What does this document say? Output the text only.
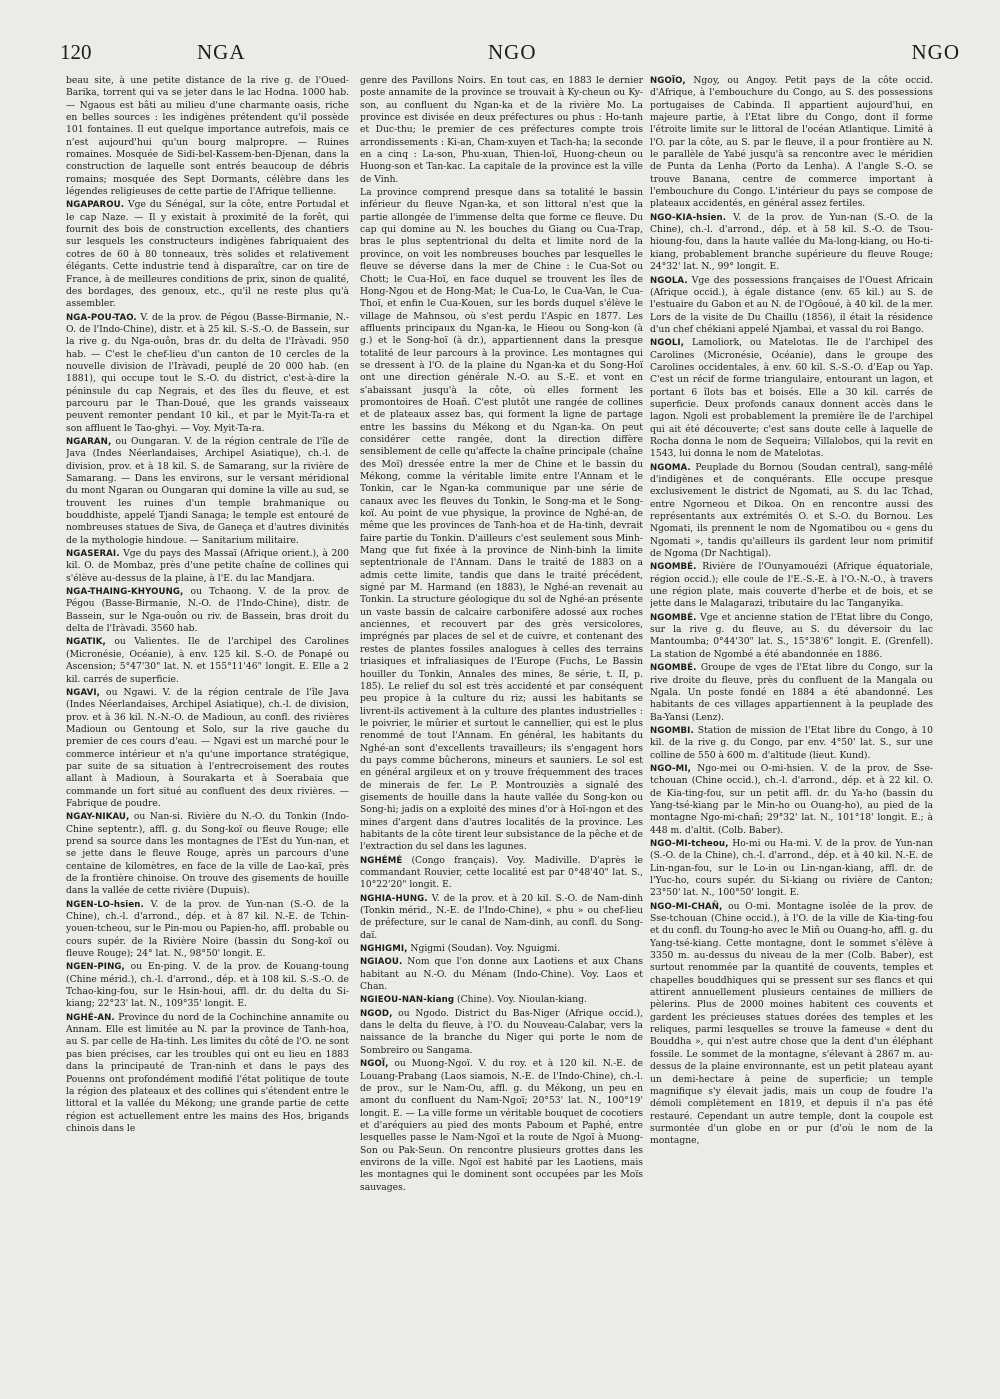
120	NGA	NGO	NGO

beau site, à une petite distance de la rive g. de l'Oued-Barika, torrent qui va se jeter dans le lac Hodna. 1000 hab. — Ngaous est bâti au milieu d'une charmante oasis, riche en belles sources : les indigènes prétendent qu'il possède 101 fontaines. Il eut quelque importance autrefois, mais ce n'est aujourd'hui qu'un bourg malpropre. — Ruines romaines. Mosquée de Sidi-bel-Kassem-ben-Djenan, dans la construction de laquelle sont entrés beaucoup de débris romains; mosquée des Sept Dormants, célèbre dans les légendes religieuses de cette partie de l'Afrique tellienne.

NGAPAROU. Vge du Sénégal, sur la côte, entre Portudal et le cap Naze. — Il y existait à proximité de la forêt, qui fournit des bois de construction excellents, des chantiers sur lesquels les constructeurs indigènes fabriquaient des cotres de 60 à 80 tonneaux, très solides et relativement élégants. Cette industrie tend à disparaître, car on tire de France, à de meilleures conditions de prix, sinon de qualité, des bordages, des genoux, etc., qu'il ne reste plus qu'à assembler.

NGA-POU-TAO. V. de la prov. de Pégou (Basse-Birmanie, N.-O. de l'Indo-Chine), distr. et à 25 kil. S.-S.-O. de Bassein, sur la rive g. du Nga-ouôn, bras dr. du delta de l'Iràvadi. 950 hab. — C'est le chef-lieu d'un canton de 10 cercles de la nouvelle division de l'Iràvadi, peuplé de 20 000 hab. (en 1881), qui occupe tout le S.-O. du district, c'est-à-dire la péninsule du cap Negrais, et des îles du fleuve, et est parcouru par le Than-Doué, que les grands vaisseaux peuvent remonter pendant 10 kil., et par le Myit-Ta-ra et son affluent le Tao-ghyi. — Voy. Myit-Ta-ra.

NGARAN, ou Oungaran. V. de la région centrale de l'île de Java (Indes Néerlandaises, Archipel Asiatique), ch.-l. de division, prov. et à 18 kil. S. de Samarang, sur la rivière de Samarang. — Dans les environs, sur le versant méridional du mont Ngaran ou Oungaran qui domine la ville au sud, se trouvent les ruines d'un temple brahmanique ou bouddhiste, appelé Tjandi Sanaga; le temple est entouré de nombreuses statues de Siva, de Ganeça et d'autres divinités de la mythologie hindoue. — Sanitarium militaire.

NGASERAI. Vge du pays des Massaï (Afrique orient.), à 200 kil. O. de Mombaz, près d'une petite chaîne de collines qui s'élève au-dessus de la plaine, à l'E. du lac Mandjara.

NGA-THAING-KHYOUNG, ou Tchaong. V. de la prov. de Pégou (Basse-Birmanie, N.-O. de l'Indo-Chine), distr. de Bassein, sur le Nga-ouôn ou riv. de Bassein, bras droit du delta de l'Iràvadi. 3560 hab.

NGATIK, ou Valientes. Ile de l'archipel des Carolines (Micronésie, Océanie), à env. 125 kil. S.-O. de Ponapé ou Ascension; 5°47'30" lat. N. et 155°11'46" longit. E. Elle a 2 kil. carrés de superficie.

NGAVI, ou Ngawi. V. de la région centrale de l'île Java (Indes Néerlandaises, Archipel Asiatique), ch.-l. de division, prov. et à 36 kil. N.-N.-O. de Madioun, au confl. des rivières Madioun ou Gentoung et Solo, sur la rive gauche du premier de ces cours d'eau. — Ngavi est un marché pour le commerce intérieur et n'a qu'une importance stratégique, par suite de sa situation à l'entrecroisement des routes allant à Madioun, à Sourakarta et à Soerabaia que commande un fort situé au confluent des deux rivières. — Fabrique de poudre.

NGAY-NIKAU, ou Nan-si. Rivière du N.-O. du Tonkin (Indo-Chine septentr.), affl. g. du Song-koï ou fleuve Rouge; elle prend sa source dans les montagnes de l'Est du Yun-nan, et se jette dans le fleuve Rouge, après un parcours d'une centaine de kilomètres, en face de la ville de Lao-kaï, près de la frontière chinoise. On trouve des gisements de houille dans la vallée de cette rivière (Dupuis).

NGEN-LO-hsien. V. de la prov. de Yun-nan (S.-O. de la Chine), ch.-l. d'arrond., dép. et à 87 kil. N.-E. de Tchin-youen-tcheou, sur le Pin-mou ou Papien-ho, affl. probable ou cours supér. de la Rivière Noire (bassin du Song-koï ou fleuve Rouge); 24° lat. N., 98°50' longit. E.

NGEN-PING, ou En-ping. V. de la prov. de Kouang-toung (Chine mérid.), ch.-l. d'arrond., dép. et à 108 kil. S.-S.-O. de Tchao-king-fou, sur le Hsin-houi, affl. dr. du delta du Si-kiang; 22°23' lat. N., 109°35' longit. E.

NGHÉ-AN. Province du nord de la Cochinchine annamite ou Annam. Elle est limitée au N. par la province de Tanh-hoa, au S. par celle de Ha-tinh. Les limites du côté de l'O. ne sont pas bien précises, car les troubles qui ont eu lieu en 1883 dans la principauté de Tran-ninh et dans le pays des Pouenns ont profondément modifié l'état politique de toute la région des plateaux et des collines qui s'étendent entre le littoral et la vallée du Mékong; une grande partie de cette région est actuellement entre les mains des Hos, brigands chinois dans le

genre des Pavillons Noirs. En tout cas, en 1883 le dernier poste annamite de la province se trouvait à Ky-cheun ou Ky-son, au confluent du Ngan-ka et de la rivière Mo. La province est divisée en deux préfectures ou phus : Ho-tanh et Duc-thu; le premier de ces préfectures compte trois arrondissements : Ki-an, Cham-xuyen et Tach-ha; la seconde en a cinq : La-son, Phu-xuan, Thien-loï, Huong-cheun ou Huong-son et Tan-kac. La capitale de la province est la ville de Vinh.

La province comprend presque dans sa totalité le bassin inférieur du fleuve Ngan-ka, et son littoral n'est que la partie allongée de l'immense delta que forme ce fleuve. Du cap qui domine au N. les bouches du Giang ou Cua-Trap, bras le plus septentrional du delta et limite nord de la province, on voit les nombreuses bouches par lesquelles le fleuve se déverse dans la mer de Chine : le Cua-Sot ou Chott; le Cua-Hoï, en face duquel se trouvent les îles de Hong-Ngou et de Hong-Mat; le Cua-Lo, le Cua-Van, le Cua-Thoï, et enfin le Cua-Kouen, sur les bords duquel s'élève le village de Mahnsou, où s'est perdu l'Aspic en 1877. Les affluents principaux du Ngan-ka, le Hieou ou Song-kon (à g.) et le Song-hoï (à dr.), appartiennent dans la presque totalité de leur parcours à la province. Les montagnes qui se dressent à l'O. de la plaine du Ngan-ka et du Song-Hoï ont une direction générale N.-O. au S.-E. et vont en s'abaissant jusqu'à la côte, où elles forment les promontoires de Hoañ. C'est plutôt une rangée de collines et de plateaux assez bas, qui forment la ligne de partage entre les bassins du Mékong et du Ngan-ka. On peut considérer cette rangée, dont la direction diffère sensiblement de celle qu'affecte la chaîne principale (chaîne des Moï) dressée entre la mer de Chine et le bassin du Mékong, comme la véritable limite entre l'Annam et le Tonkin, car le Ngan-ka communique par une série de canaux avec les fleuves du Tonkin, le Song-ma et le Song-koï. Au point de vue physique, la province de Nghé-an, de même que les provinces de Tanh-hoa et de Ha-tinh, devrait faire partie du Tonkin. D'ailleurs c'est seulement sous Minh-Mang que fut fixée à la province de Ninh-binh la limite septentrionale de l'Annam. Dans le traité de 1883 on a admis cette limite, tandis que dans le traité précédent, signé par M. Harmand (en 1883), le Nghé-an revenait au Tonkin. La structure géologique du sol de Nghé-an présente un vaste bassin de calcaire carbonifère adossé aux roches anciennes, et recouvert par des grès versicolores, imprégnés par places de sel et de cuivre, et contenant des restes de plantes fossiles analogues à celles des terrains triasiques et infraliasiques de l'Europe (Fuchs, Le Bassin houiller du Tonkin, Annales des mines, 8e série, t. II, p. 185). Le relief du sol est très accidenté et par conséquent peu propice à la culture du riz; aussi les habitants se livrent-ils activement à la culture des plantes industrielles : le poivrier, le mûrier et surtout le cannellier, qui est le plus renommé de tout l'Annam. En général, les habitants du Nghé-an sont d'excellents travailleurs; ils s'engagent hors du pays comme bûcherons, mineurs et sauniers. Le sol est en général argileux et on y trouve fréquemment des traces de minerais de fer. Le P. Montrouziès a signalé des gisements de houille dans la haute vallée du Song-kon ou Song-hi; jadis on a exploité des mines d'or à Hoï-ngon et des mines d'argent dans d'autres localités de la province. Les habitants de la côte tirent leur subsistance de la pêche et de l'extraction du sel dans les lagunes.

NGHÉMÉ (Congo français). Voy. Madiville. D'après le commandant Rouvier, cette localité est par 0°48'40" lat. S., 10°22'20" longit. E.

NGHIA-HUNG. V. de la prov. et à 20 kil. S.-O. de Nam-dinh (Tonkin mérid., N.-E. de l'Indo-Chine), « phu » ou chef-lieu de préfecture, sur le canal de Nam-dinh, au confl. du Song-daï.

NGHIGMI, Ngigmi (Soudan). Voy. Nguigmi.

NGIAOU. Nom que l'on donne aux Laotiens et aux Chans habitant au N.-O. du Ménam (Indo-Chine). Voy. Laos et Chan.

NGIEOU-NAN-kiang (Chine). Voy. Nioulan-kiang.

NGOD, ou Ngodo. District du Bas-Niger (Afrique occid.), dans le delta du fleuve, à l'O. du Nouveau-Calabar, vers la naissance de la branche du Niger qui porte le nom de Sombreiro ou Sangama.

NGOÏ, ou Muong-Ngoï. V. du roy. et à 120 kil. N.-E. de Louang-Prabang (Laos siamois, N.-E. de l'Indo-Chine), ch.-l. de prov., sur le Nam-Ou, affl. g. du Mékong, un peu en amont du confluent du Nam-Ngoï; 20°53' lat. N., 100°19' longit. E. — La ville forme un véritable bouquet de cocotiers et d'aréquiers au pied des monts Paboum et Paphé, entre lesquelles passe le Nam-Ngoï et la route de Ngoï à Muong-Son ou Pak-Seun. On rencontre plusieurs grottes dans les environs de la ville. Ngoï est habité par les Laotiens, mais les montagnes qui le dominent sont occupées par les Moïs sauvages.

NGOÏO, Ngoy, ou Angoy. Petit pays de la côte occid. d'Afrique, à l'embouchure du Congo, au S. des possessions portugaises de Cabinda. Il appartient aujourd'hui, en majeure partie, à l'Etat libre du Congo, dont il forme l'étroite limite sur le littoral de l'océan Atlantique. Limité à l'O. par la côte, au S. par le fleuve, il a pour frontière au N. le parallèle de Yabé jusqu'à sa rencontre avec le méridien de Punta da Lenha (Porto da Lenha). A l'angle S.-O. se trouve Banana, centre de commerce important à l'embouchure du Congo. L'intérieur du pays se compose de plateaux accidentés, en général assez fertiles.

NGO-KIA-hsien. V. de la prov. de Yun-nan (S.-O. de la Chine), ch.-l. d'arrond., dép. et à 58 kil. S.-O. de Tsou-hioung-fou, dans la haute vallée du Ma-long-kiang, ou Ho-ti-kiang, probablement branche supérieure du fleuve Rouge; 24°32' lat. N., 99° longit. E.

NGOLA. Vge des possessions françaises de l'Ouest Africain (Afrique occid.), à égale distance (env. 65 kil.) au S. de l'estuaire du Gabon et au N. de l'Ogôoué, à 40 kil. de la mer. Lors de la visite de Du Chaillu (1856), il était la résidence d'un chef chékiani appelé Njambai, et vassal du roi Bango.

NGOLI, Lamoliork, ou Matelotas. Ile de l'archipel des Carolines (Micronésie, Océanie), dans le groupe des Carolines occidentales, à env. 60 kil. S.-S.-O. d'Eap ou Yap. C'est un récif de forme triangulaire, entourant un lagon, et portant 6 îlots bas et boisés. Elle a 30 kil. carrés de superficie. Deux profonds canaux donnent accès dans le lagon. Ngoli est probablement la première île de l'archipel qui ait été découverte; c'est sans doute celle à laquelle de Rocha donna le nom de Sequeira; Villalobos, qui la revit en 1543, lui donna le nom de Matelotas.

NGOMA. Peuplade du Bornou (Soudan central), sang-mêlé d'indigènes et de conquérants. Elle occupe presque exclusivement le district de Ngomati, au S. du lac Tchad, entre Ngorneou et Dikoa. On en rencontre aussi des représentants aux extrémités O. et S.-O. du Bornou. Les Ngomati, ils prennent le nom de Ngomatibou ou « gens du Ngomati », tandis qu'ailleurs ils gardent leur nom primitif de Ngoma (Dr Nachtigal).

NGOMBÉ. Rivière de l'Ounyamouézi (Afrique équatoriale, région occid.); elle coule de l'E.-S.-E. à l'O.-N.-O., à travers une région plate, mais couverte d'herbe et de bois, et se jette dans le Malagarazi, tributaire du lac Tanganyika.

NGOMBÉ. Vge et ancienne station de l'Etat libre du Congo, sur la rive g. du fleuve, au S. du déversoir du lac Mantoumba; 0°44'30" lat. S., 15°38'6" longit. E. (Grenfell). La station de Ngombé a été abandonnée en 1886.

NGOMBÉ. Groupe de vges de l'Etat libre du Congo, sur la rive droite du fleuve, près du confluent de la Mangala ou Ngala. Un poste fondé en 1884 a été abandonné. Les habitants de ces villages appartiennent à la peuplade des Ba-Yansi (Lenz).

NGOMBI. Station de mission de l'Etat libre du Congo, à 10 kil. de la rive g. du Congo, par env. 4°50' lat. S., sur une colline de 550 à 600 m. d'altitude (lieut. Kund).

NGO-MI, Ngo-mei ou O-mi-hsien. V. de la prov. de Sse-tchouan (Chine occid.), ch.-l. d'arrond., dép. et à 22 kil. O. de Kia-ting-fou, sur un petit affl. dr. du Ya-ho (bassin du Yang-tsé-kiang par le Min-ho ou Ouang-ho), au pied de la montagne Ngo-mi-chañ; 29°32' lat. N., 101°18' longit. E.; à 448 m. d'altit. (Colb. Baber).

NGO-MI-tcheou, Ho-mi ou Ha-mi. V. de la prov. de Yun-nan (S.-O. de la Chine), ch.-l. d'arrond., dép. et à 40 kil. N.-E. de Lin-ngan-fou, sur le Lo-in ou Lin-ngan-kiang, affl. dr. de l'Yuc-ho, cours supér. du Si-kiang ou rivière de Canton; 23°50' lat. N., 100°50' longit. E.

NGO-MI-CHAÑ, ou O-mi. Montagne isolée de la prov. de Sse-tchouan (Chine occid.), à l'O. de la ville de Kia-ting-fou et du confl. du Toung-ho avec le Miñ ou Ouang-ho, affl. g. du Yang-tsé-kiang. Cette montagne, dont le sommet s'élève à 3350 m. au-dessus du niveau de la mer (Colb. Baber), est surtout renommée par la quantité de couvents, temples et chapelles bouddhiques qui se pressent sur ses flancs et qui attirent annuellement plusieurs centaines de milliers de pèlerins. Plus de 2000 moines habitent ces couvents et gardent les précieuses statues dorées des temples et les reliques, parmi lesquelles se trouve la fameuse « dent du Bouddha », qui n'est autre chose que la dent d'un éléphant fossile. Le sommet de la montagne, s'élevant à 2867 m. au-dessus de la plaine environnante, est un petit plateau ayant un demi-hectare à peine de superficie; un temple magnifique s'y élevait jadis, mais un coup de foudre l'a démoli complètement en 1819, et depuis il n'a pas été restauré. Cependant un autre temple, dont la coupole est surmontée d'un globe en or pur (d'où le nom de la montagne,
